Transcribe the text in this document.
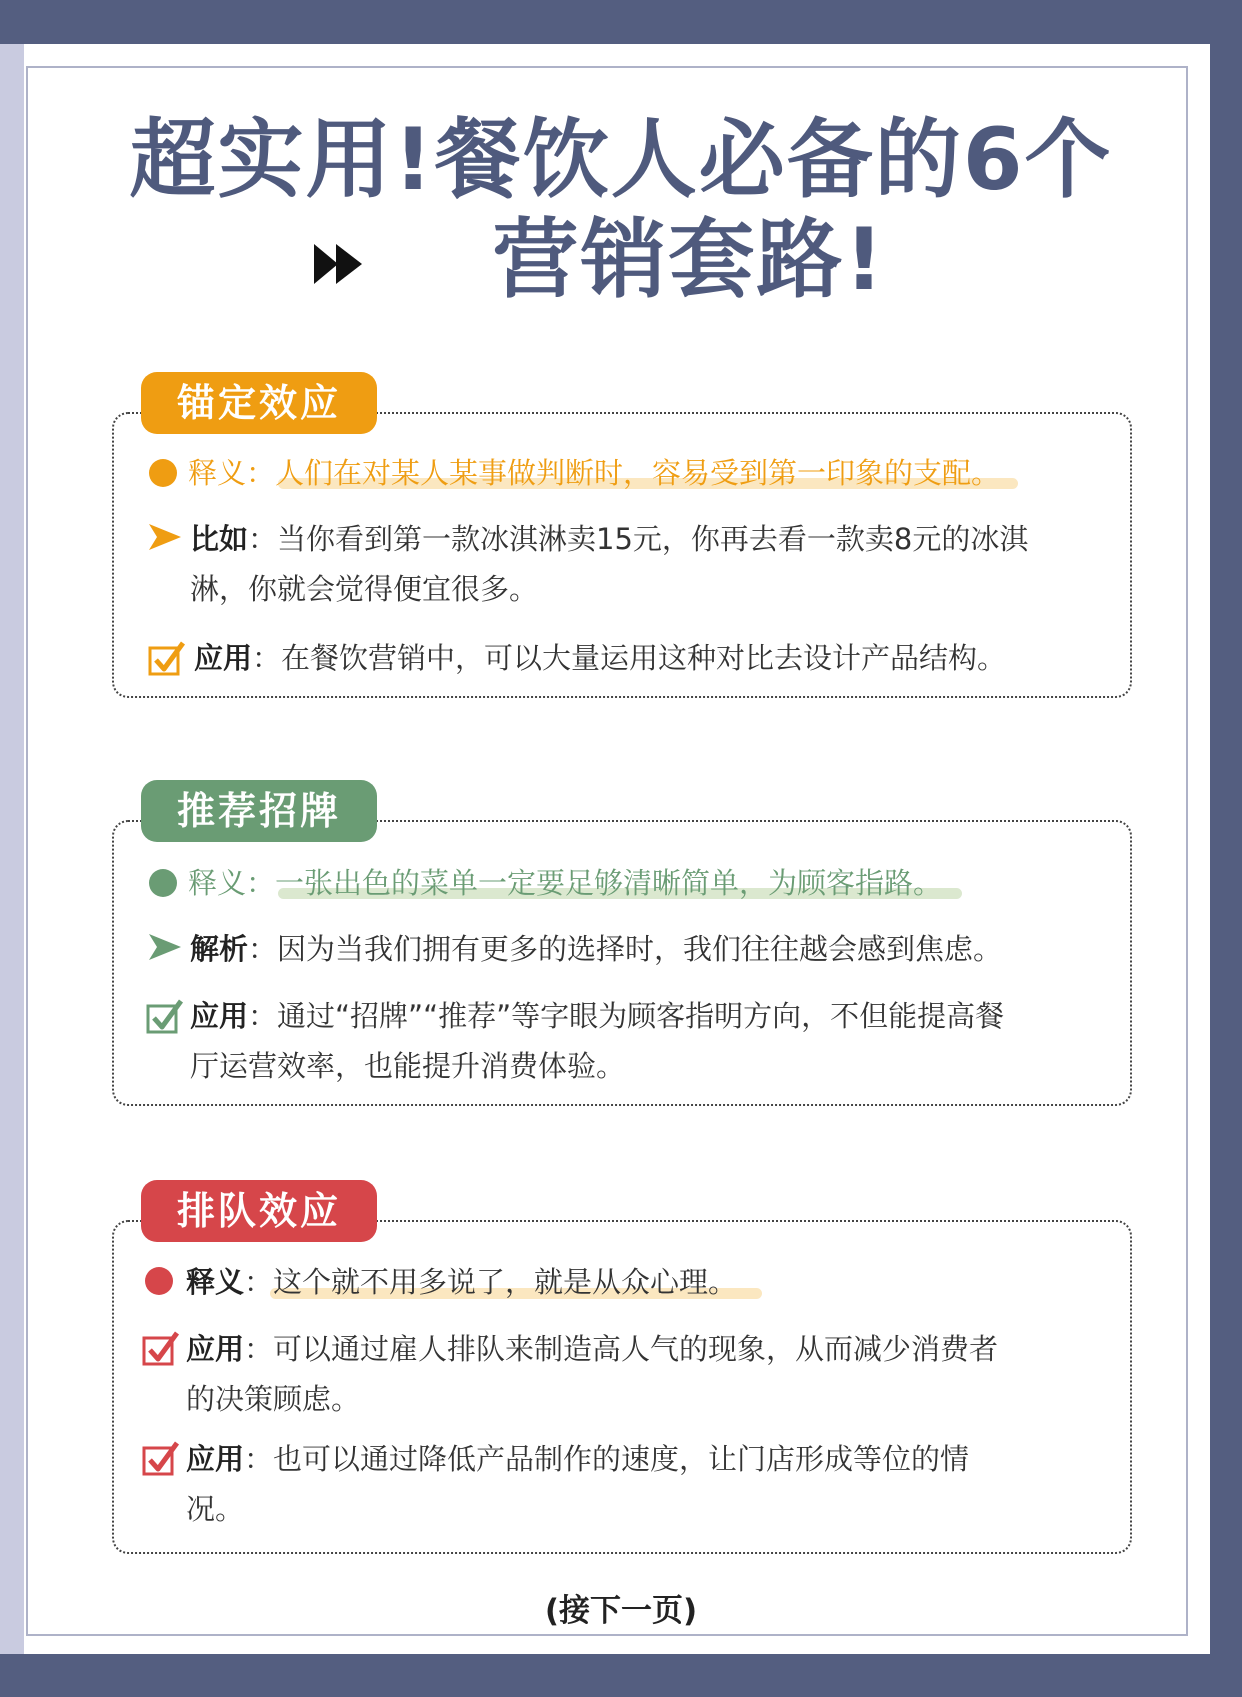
超实用!餐饮人必备的6个
营销套路!
锚定效应
释义：人们在对某人某事做判断时，容易受到第一印象的支配。
比如：当你看到第一款冰淇淋卖15元，你再去看一款卖8元的冰淇
淋，你就会觉得便宜很多。
应用：在餐饮营销中，可以大量运用这种对比去设计产品结构。
推荐招牌
释义：一张出色的菜单一定要足够清晰简单，为顾客指路。
解析：因为当我们拥有更多的选择时，我们往往越会感到焦虑。
应用：通过“招牌”“推荐”等字眼为顾客指明方向，不但能提高餐
厅运营效率，也能提升消费体验。
排队效应
释义：这个就不用多说了，就是从众心理。
应用：可以通过雇人排队来制造高人气的现象，从而减少消费者
的决策顾虑。
应用：也可以通过降低产品制作的速度，让门店形成等位的情
况。
(接下一页)
